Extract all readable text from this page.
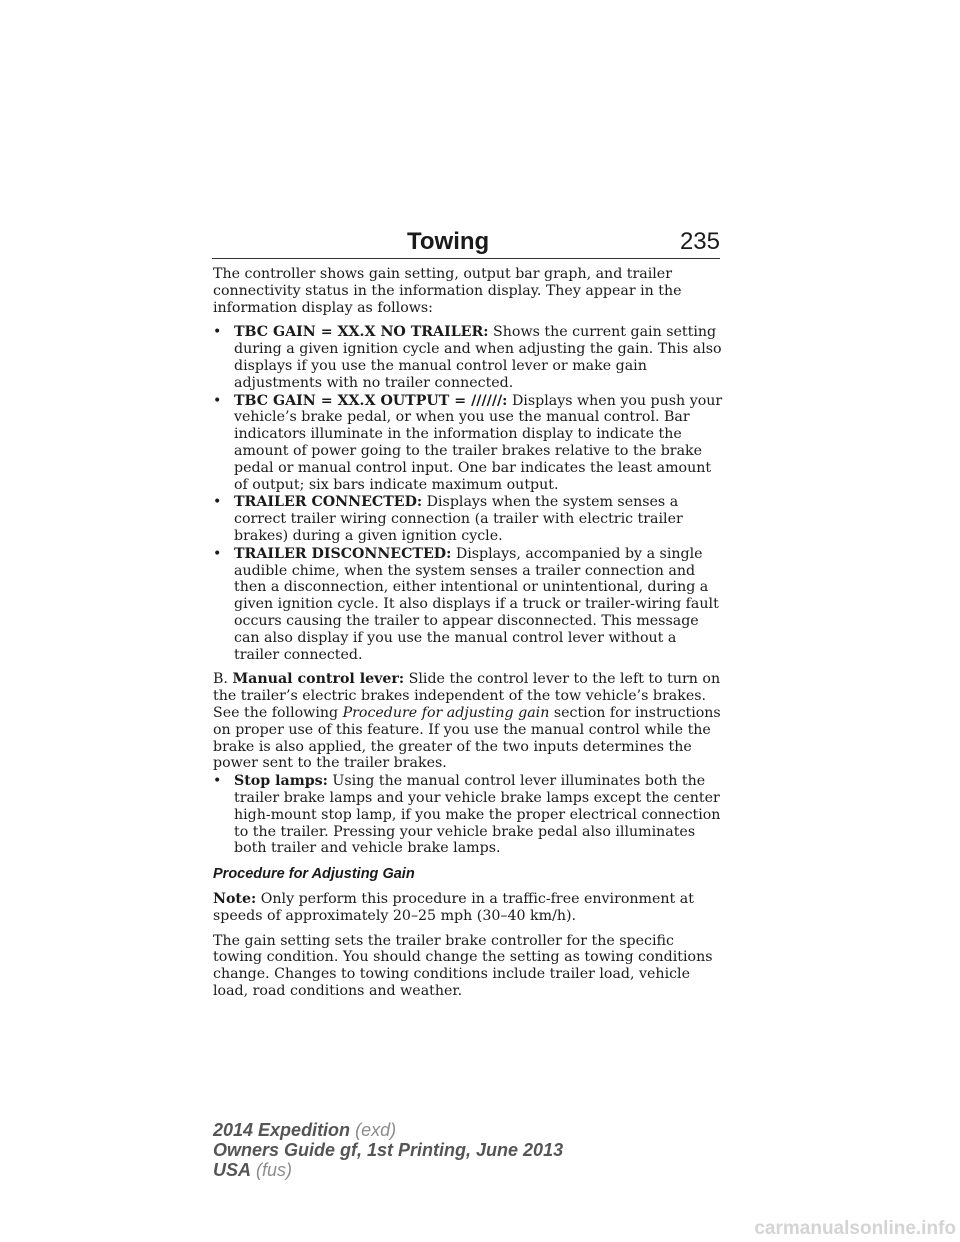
Towing	235

The controller shows gain setting, output bar graph, and trailer connectivity status in the information display. They appear in the information display as follows:

• TBC GAIN = XX.X NO TRAILER: Shows the current gain setting during a given ignition cycle and when adjusting the gain. This also displays if you use the manual control lever or make gain adjustments with no trailer connected.
• TBC GAIN = XX.X OUTPUT = //////: Displays when you push your vehicle’s brake pedal, or when you use the manual control. Bar indicators illuminate in the information display to indicate the amount of power going to the trailer brakes relative to the brake pedal or manual control input. One bar indicates the least amount of output; six bars indicate maximum output.
• TRAILER CONNECTED: Displays when the system senses a correct trailer wiring connection (a trailer with electric trailer brakes) during a given ignition cycle.
• TRAILER DISCONNECTED: Displays, accompanied by a single audible chime, when the system senses a trailer connection and then a disconnection, either intentional or unintentional, during a given ignition cycle. It also displays if a truck or trailer-wiring fault occurs causing the trailer to appear disconnected. This message can also display if you use the manual control lever without a trailer connected.

B. Manual control lever: Slide the control lever to the left to turn on the trailer’s electric brakes independent of the tow vehicle’s brakes. See the following Procedure for adjusting gain section for instructions on proper use of this feature. If you use the manual control while the brake is also applied, the greater of the two inputs determines the power sent to the trailer brakes.

• Stop lamps: Using the manual control lever illuminates both the trailer brake lamps and your vehicle brake lamps except the center high-mount stop lamp, if you make the proper electrical connection to the trailer. Pressing your vehicle brake pedal also illuminates both trailer and vehicle brake lamps.
Procedure for Adjusting Gain

Note: Only perform this procedure in a traffic-free environment at speeds of approximately 20–25 mph (30–40 km/h).

The gain setting sets the trailer brake controller for the specific towing condition. You should change the setting as towing conditions change. Changes to towing conditions include trailer load, vehicle load, road conditions and weather.

2014 Expedition (exd)
Owners Guide gf, 1st Printing, June 2013
USA (fus)
carmanualsonline.info
